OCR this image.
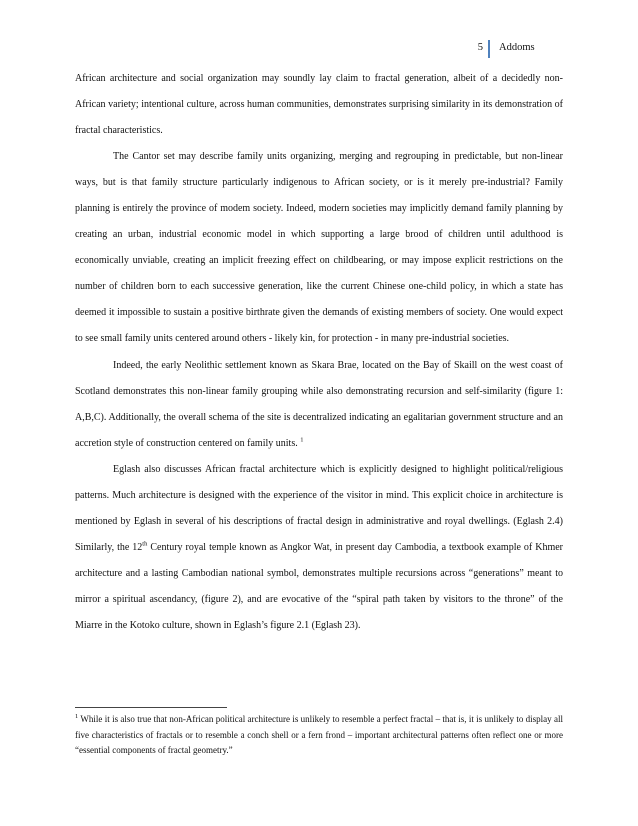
5 Addoms

African architecture and social organization may soundly lay claim to fractal generation, albeit of a decidedly non-African variety; intentional culture, across human communities, demonstrates surprising similarity in its demonstration of fractal characteristics.

The Cantor set may describe family units organizing, merging and regrouping in predictable, but non-linear ways, but is that family structure particularly indigenous to African society, or is it merely pre-industrial? Family planning is entirely the province of modem society. Indeed, modern societies may implicitly demand family planning by creating an urban, industrial economic model in which supporting a large brood of children until adulthood is economically unviable, creating an implicit freezing effect on childbearing, or may impose explicit restrictions on the number of children born to each successive generation, like the current Chinese one-child policy, in which a state has deemed it impossible to sustain a positive birthrate given the demands of existing members of society. One would expect to see small family units centered around others - likely kin, for protection - in many pre-industrial societies.

Indeed, the early Neolithic settlement known as Skara Brae, located on the Bay of Skaill on the west coast of Scotland demonstrates this non-linear family grouping while also demonstrating recursion and self-similarity (figure 1: A,B,C). Additionally, the overall schema of the site is decentralized indicating an egalitarian government structure and an accretion style of construction centered on family units. $^1$

Eglash also discusses African fractal architecture which is explicitly designed to highlight political/religious patterns. Much architecture is designed with the experience of the visitor in mind. This explicit choice in architecture is mentioned by Eglash in several of his descriptions of fractal design in administrative and royal dwellings. (Eglash 2.4) Similarly, the 12th Century royal temple known as Angkor Wat, in present day Cambodia, a textbook example of Khmer architecture and a lasting Cambodian national symbol, demonstrates multiple recursions across “generations” meant to mirror a spiritual ascendancy, (figure 2), and are evocative of the “spiral path taken by visitors to the throne” of the Miarre in the Kotoko culture, shown in Eglash’s figure 2.1 (Eglash 23).

$^1$ While it is also true that non-African political architecture is unlikely to resemble a perfect fractal – that is, it is unlikely to display all five characteristics of fractals or to resemble a conch shell or a fern frond – important architectural patterns often reflect one or more “essential components of fractal geometry.”
